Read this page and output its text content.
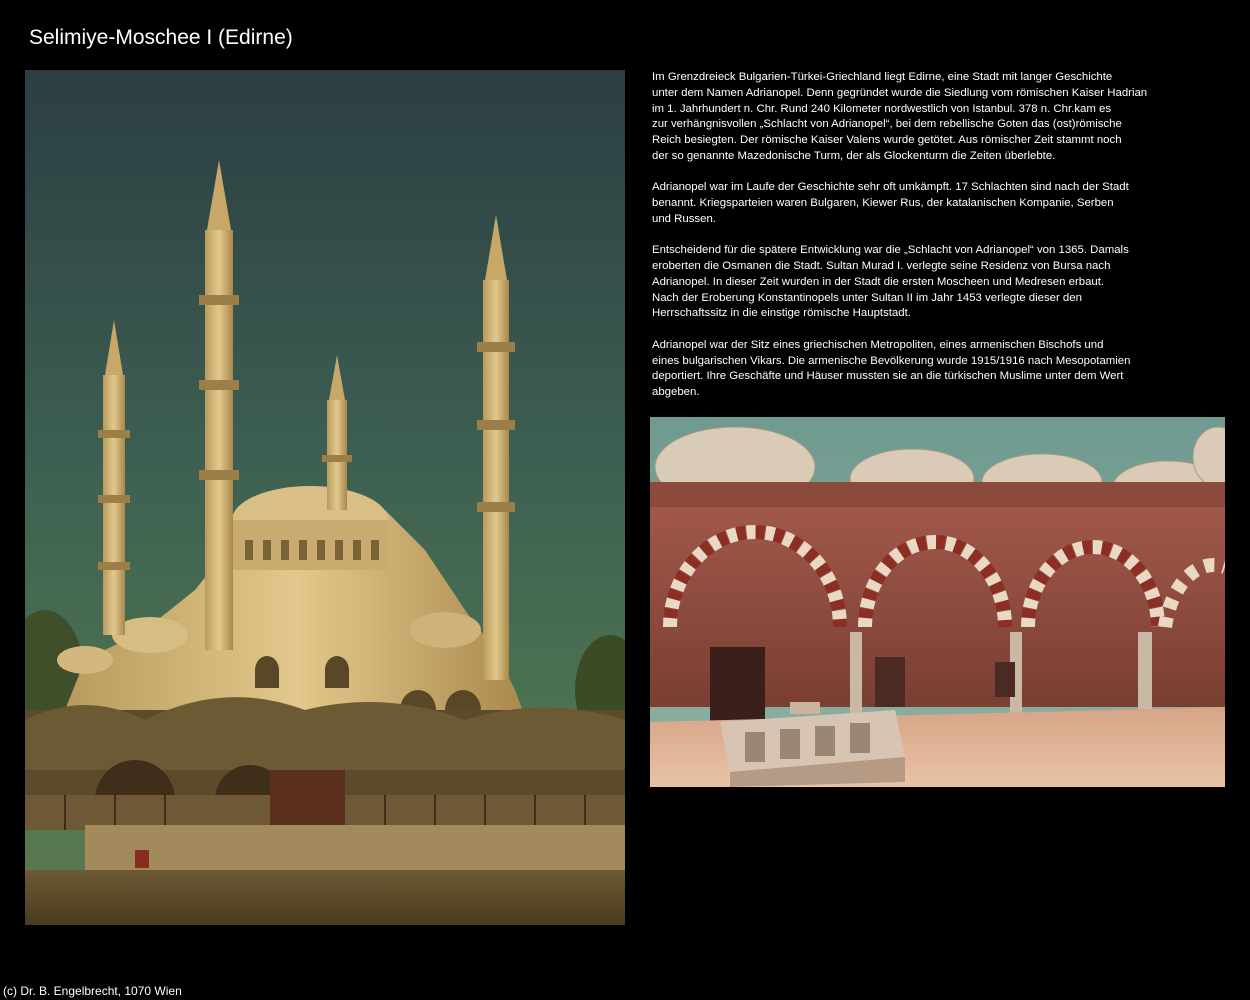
Selimiye-Moschee I (Edirne)

Im Grenzdreieck Bulgarien-Türkei-Griechland liegt Edirne, eine Stadt mit langer Geschichte
unter dem Namen Adrianopel. Denn gegründet wurde die Siedlung vom römischen Kaiser Hadrian
im 1. Jahrhundert n. Chr. Rund 240 Kilometer nordwestlich von Istanbul. 378 n. Chr.kam es
zur verhängnisvollen „Schlacht von Adrianopel“, bei dem rebellische Goten das (ost)römische
Reich besiegten. Der römische Kaiser Valens wurde getötet. Aus römischer Zeit stammt noch
der so genannte Mazedonische Turm, der als Glockenturm die Zeiten überlebte.

Adrianopel war im Laufe der Geschichte sehr oft umkämpft. 17 Schlachten sind nach der Stadt
benannt. Kriegsparteien waren Bulgaren, Kiewer Rus, der katalanischen Kompanie, Serben
und Russen.

Entscheidend für die spätere Entwicklung war die „Schlacht von Adrianopel“ von 1365. Damals
eroberten die Osmanen die Stadt. Sultan Murad I. verlegte seine Residenz von Bursa nach
Adrianopel. In dieser Zeit wurden in der Stadt die ersten Moscheen und Medresen erbaut.
Nach der Eroberung Konstantinopels unter Sultan II im Jahr 1453 verlegte dieser den
Herrschaftssitz in die einstige römische Hauptstadt.

Adrianopel war der Sitz eines griechischen Metropoliten, eines armenischen Bischofs und
eines bulgarischen Vikars. Die armenische Bevölkerung wurde 1915/1916 nach Mesopotamien
deportiert. Ihre Geschäfte und Häuser mussten sie an die türkischen Muslime unter dem Wert
abgeben.

(c) Dr. B. Engelbrecht, 1070 Wien
